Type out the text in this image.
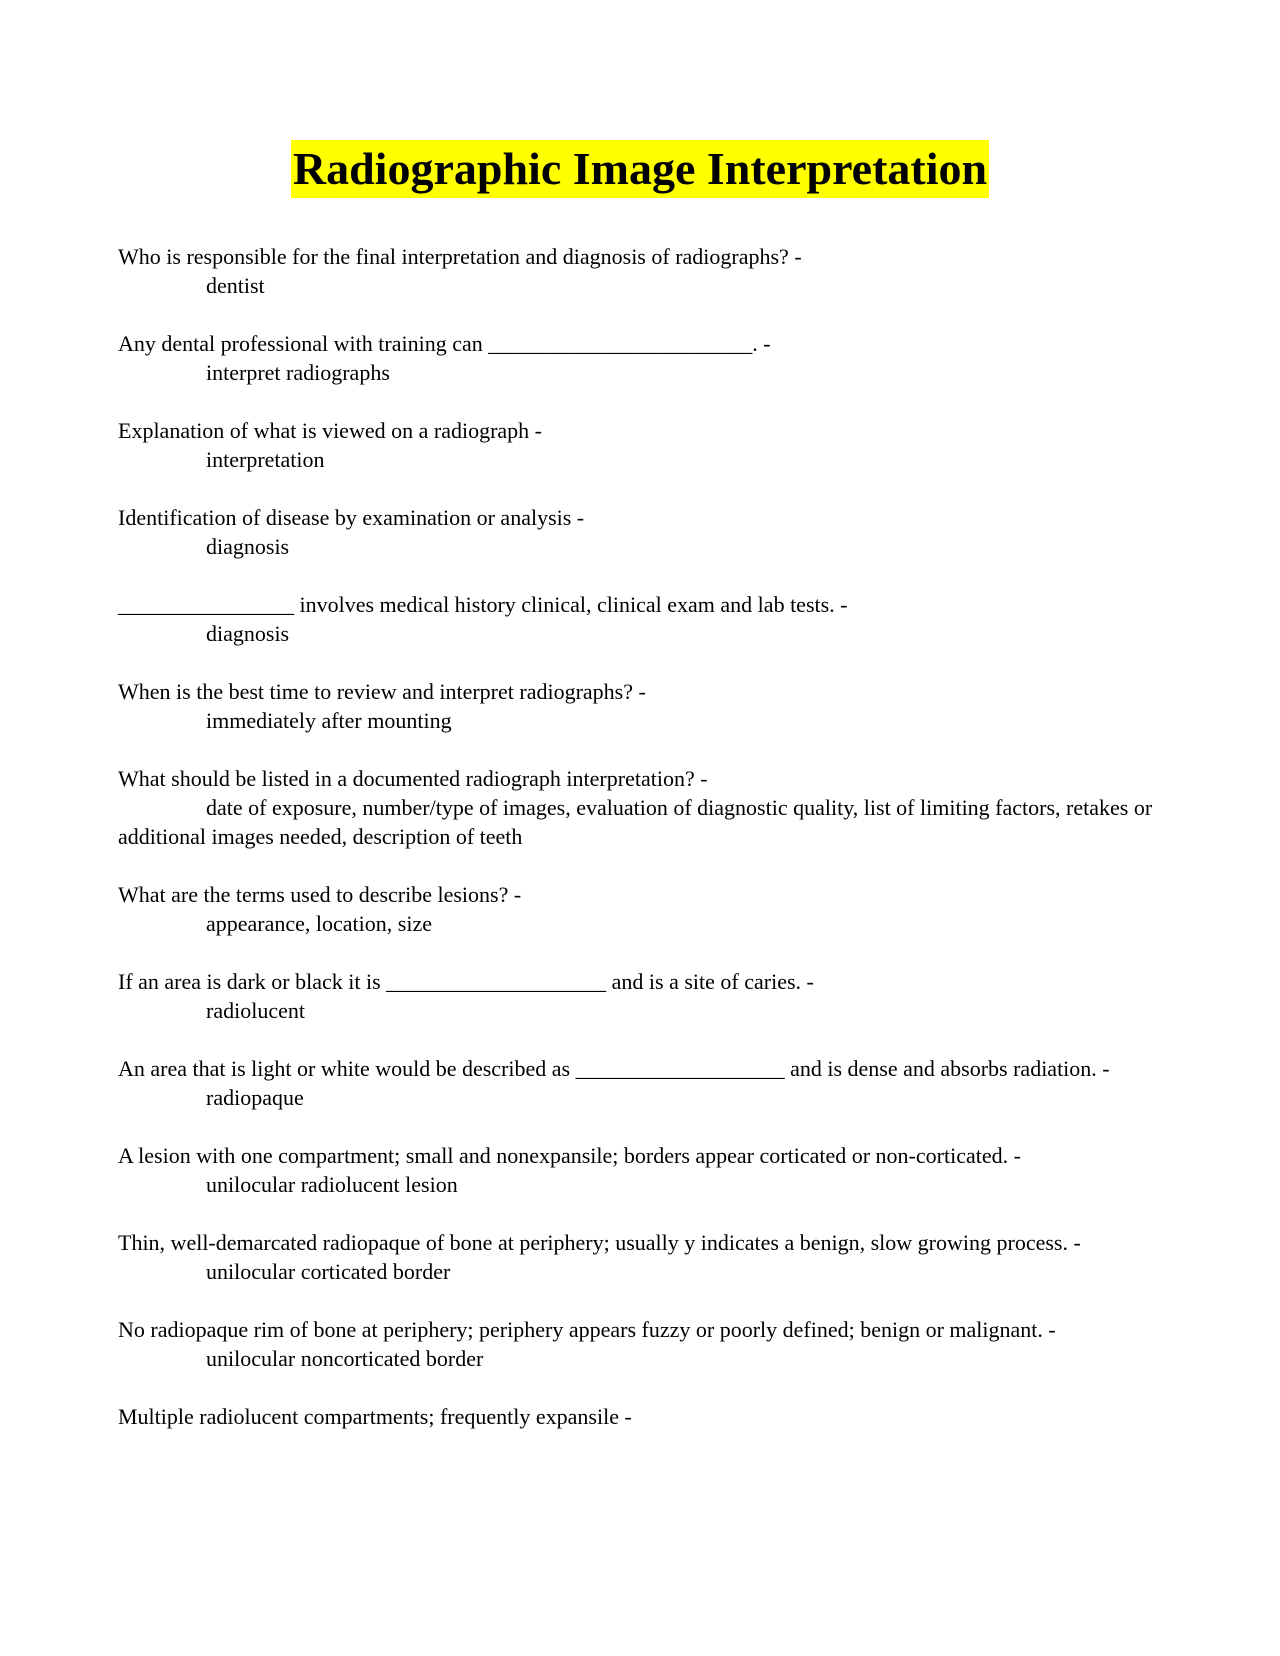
Radiographic Image Interpretation
Who is responsible for the final interpretation and diagnosis of radiographs? -
dentist
Any dental professional with training can ________________________. -
interpret radiographs
Explanation of what is viewed on a radiograph -
interpretation
Identification of disease by examination or analysis -
diagnosis
________________ involves medical history clinical, clinical exam and lab tests. -
diagnosis
When is the best time to review and interpret radiographs? -
immediately after mounting
What should be listed in a documented radiograph interpretation? -
date of exposure, number/type of images, evaluation of diagnostic quality, list of limiting factors, retakes or additional images needed, description of teeth
What are the terms used to describe lesions? -
appearance, location, size
If an area is dark or black it is ____________________ and is a site of caries. -
radiolucent
An area that is light or white would be described as ___________________ and is dense and absorbs radiation. -
radiopaque
A lesion with one compartment; small and nonexpansile; borders appear corticated or non-corticated. -
unilocular radiolucent lesion
Thin, well-demarcated radiopaque of bone at periphery; usually y indicates a benign, slow growing process. -
unilocular corticated border
No radiopaque rim of bone at periphery; periphery appears fuzzy or poorly defined; benign or malignant. -
unilocular noncorticated border
Multiple radiolucent compartments; frequently expansile -
